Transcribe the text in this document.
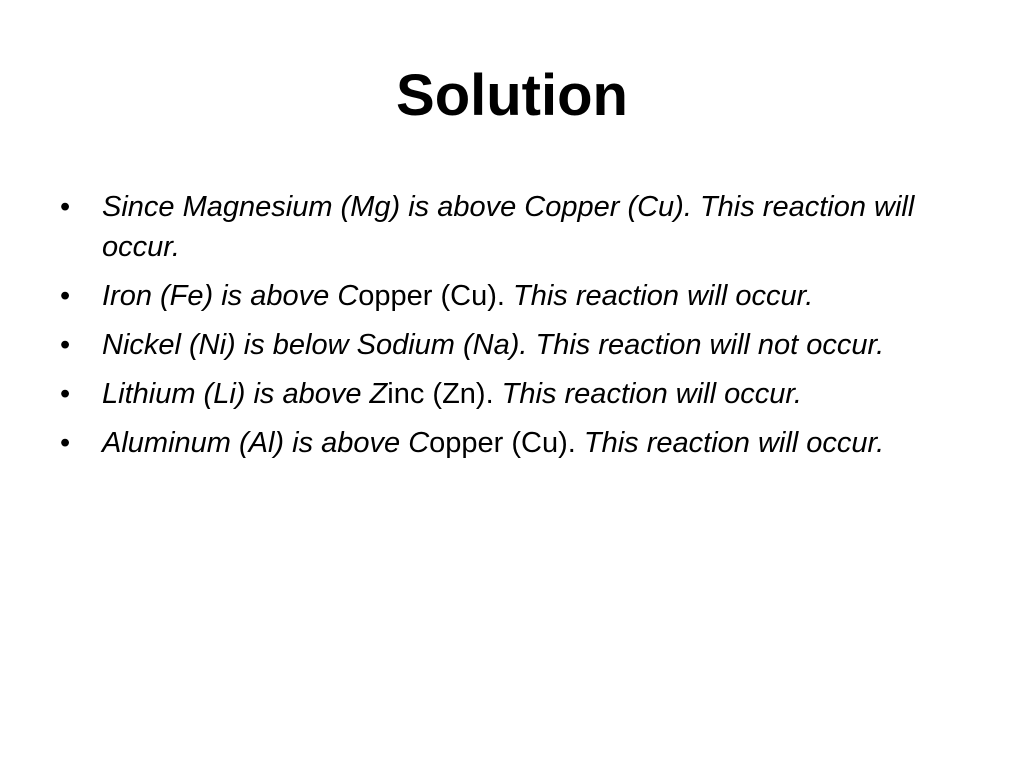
Solution
• Since Magnesium (Mg) is above Copper (Cu). This reaction will occur.
• Iron (Fe) is above Copper (Cu). This reaction will occur.
• Nickel (Ni) is below Sodium (Na). This reaction will not occur.
• Lithium (Li) is above Zinc (Zn). This reaction will occur.
• Aluminum (Al) is above Copper (Cu). This reaction will occur.
